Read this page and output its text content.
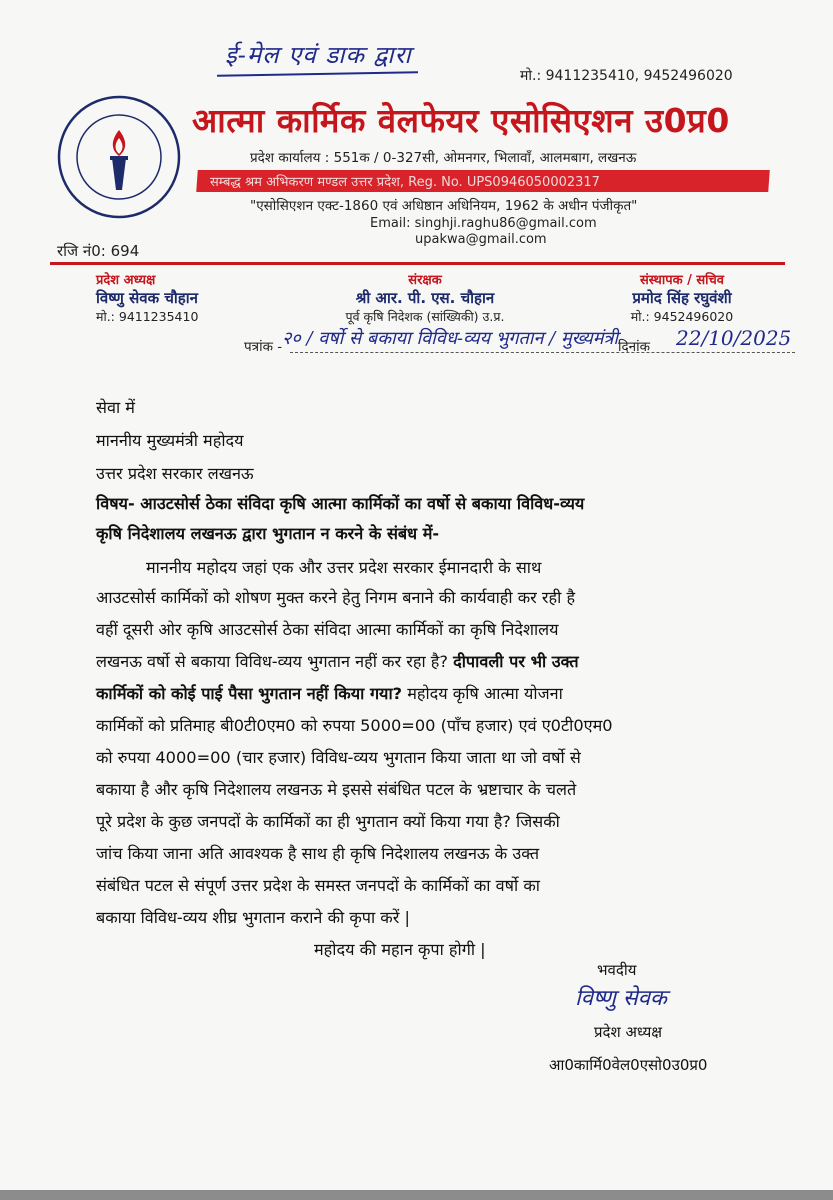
ई-मेल एवं डाक द्वारा
मो.: 9411235410, 9452496020
आत्मा कार्मिक वेलफेयर एसोसिएशन उ0प्र0
प्रदेश कार्यालय : 551क / 0-327सी, ओमनगर, भिलावाँ, आलमबाग, लखनऊ
सम्बद्ध श्रम अभिकरण मण्डल उत्तर प्रदेश, Reg. No. UPS0946050002317
"एसोसिएशन एक्ट-1860 एवं अधिष्ठान अधिनियम, 1962 के अधीन पंजीकृत"
Email: singhji.raghu86@gmail.com
upakwa@gmail.com
रजि नं0: 694
प्रदेश अध्यक्ष
विष्णु सेवक चौहान
मो.: 9411235410
संरक्षक
श्री आर. पी. एस. चौहान
पूर्व कृषि निदेशक (सांख्यिकी) उ.प्र.
संस्थापक / सचिव
प्रमोद सिंह रघुवंशी
मो.: 9452496020
पत्रांक - २० / वर्षो से बकाया विविध-व्यय भुगतान / मुख्यमंत्री दिनांक 22/10/2025
सेवा में
माननीय मुख्यमंत्री महोदय
उत्तर प्रदेश सरकार लखनऊ
विषय- आउटसोर्स ठेका संविदा कृषि आत्मा कार्मिकों का वर्षो से बकाया विविध-व्यय
कृषि निदेशालय लखनऊ द्वारा भुगतान न करने के संबंध में-
माननीय महोदय जहां एक और उत्तर प्रदेश सरकार ईमानदारी के साथ
आउटसोर्स कार्मिकों को शोषण मुक्त करने हेतु निगम बनाने की कार्यवाही कर रही है
वहीं दूसरी ओर कृषि आउटसोर्स ठेका संविदा आत्मा कार्मिकों का कृषि निदेशालय
लखनऊ वर्षो से बकाया विविध-व्यय भुगतान नहीं कर रहा है? दीपावली पर भी उक्त
कार्मिकों को कोई पाई पैसा भुगतान नहीं किया गया? महोदय कृषि आत्मा योजना
कार्मिकों को प्रतिमाह बी0टी0एम0 को रुपया 5000=00 (पाँच हजार) एवं ए0टी0एम0
को रुपया 4000=00 (चार हजार) विविध-व्यय भुगतान किया जाता था जो वर्षो से
बकाया है और कृषि निदेशालय लखनऊ मे इससे संबंधित पटल के भ्रष्टाचार के चलते
पूरे प्रदेश के कुछ जनपदों के कार्मिकों का ही भुगतान क्यों किया गया है? जिसकी
जांच किया जाना अति आवश्यक है साथ ही कृषि निदेशालय लखनऊ के उक्त
संबंधित पटल से संपूर्ण उत्तर प्रदेश के समस्त जनपदों के कार्मिकों का वर्षो का
बकाया विविध-व्यय शीघ्र भुगतान कराने की कृपा करें |
महोदय की महान कृपा होगी |
भवदीय
विष्णु सेवक
प्रदेश अध्यक्ष
आ0कार्मि0वेल0एसो0उ0प्र0
